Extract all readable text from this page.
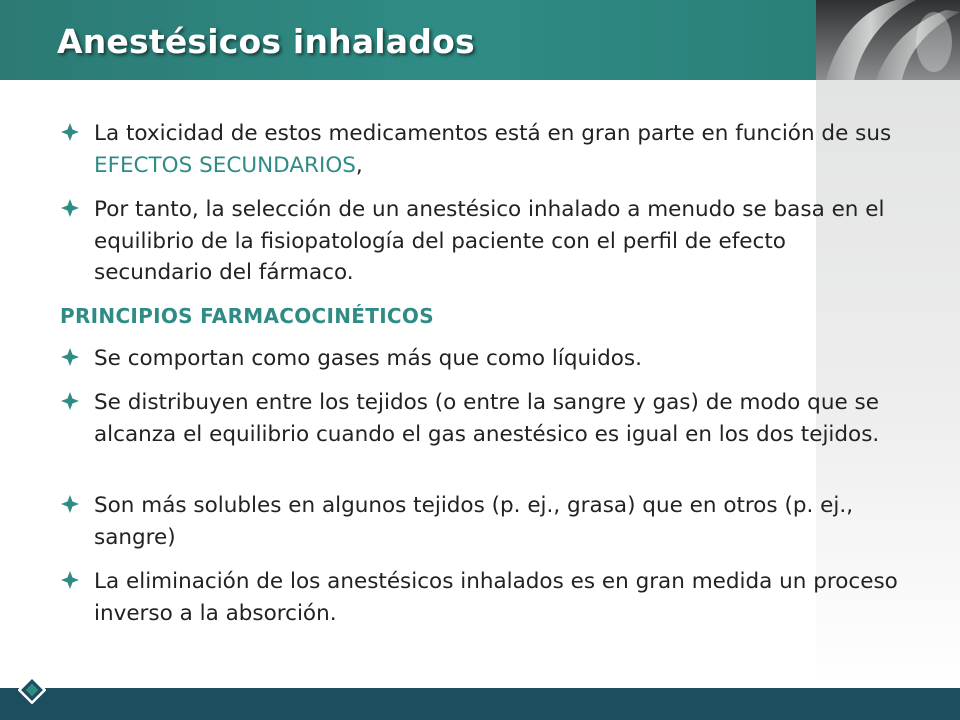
Anestésicos inhalados
La toxicidad de estos medicamentos está en gran parte en función de sus EFECTOS SECUNDARIOS,
Por tanto, la selección de un anestésico inhalado a menudo se basa en el equilibrio de la fisiopatología del paciente con el perfil de efecto secundario del fármaco.
PRINCIPIOS FARMACOCINÉTICOS
Se comportan como gases más que como líquidos.
Se distribuyen entre los tejidos (o entre la sangre y gas) de modo que se alcanza el equilibrio cuando el gas anestésico es igual en los dos tejidos.
Son más solubles en algunos tejidos (p. ej., grasa) que en otros (p. ej., sangre)
La eliminación de los anestésicos inhalados es en gran medida un proceso inverso a la absorción.
